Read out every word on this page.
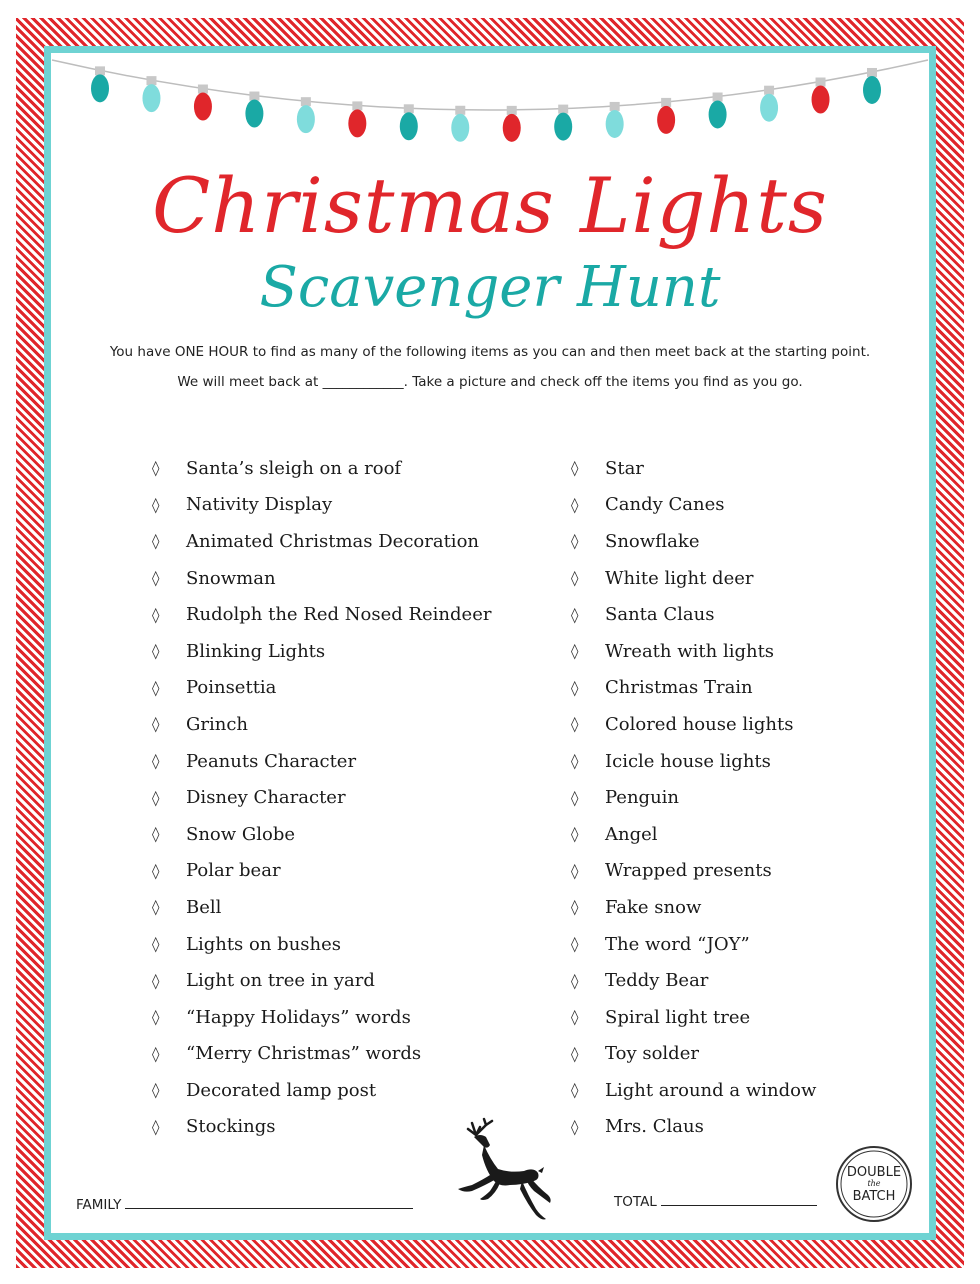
Christmas Lights
Scavenger Hunt
You have ONE HOUR to find as many of the following items as you can and then meet back at the starting point.
We will meet back at ____________. Take a picture and check off the items you find as you go.
◊	Santa’s sleigh on a roof
◊	Nativity Display
◊	Animated Christmas Decoration
◊	Snowman
◊	Rudolph the Red Nosed Reindeer
◊	Blinking Lights
◊	Poinsettia
◊	Grinch
◊	Peanuts Character
◊	Disney Character
◊	Snow Globe
◊	Polar bear
◊	Bell
◊	Lights on bushes
◊	Light on tree in yard
◊	“Happy Holidays” words
◊	“Merry Christmas” words
◊	Decorated lamp post
◊	Stockings
◊	Star
◊	Candy Canes
◊	Snowflake
◊	White light deer
◊	Santa Claus
◊	Wreath with lights
◊	Christmas Train
◊	Colored house lights
◊	Icicle house lights
◊	Penguin
◊	Angel
◊	Wrapped presents
◊	Fake snow
◊	The word “JOY”
◊	Teddy Bear
◊	Spiral light tree
◊	Toy solder
◊	Light around a window
◊	Mrs. Claus
FAMILY	TOTAL
DOUBLE
the
BATCH
